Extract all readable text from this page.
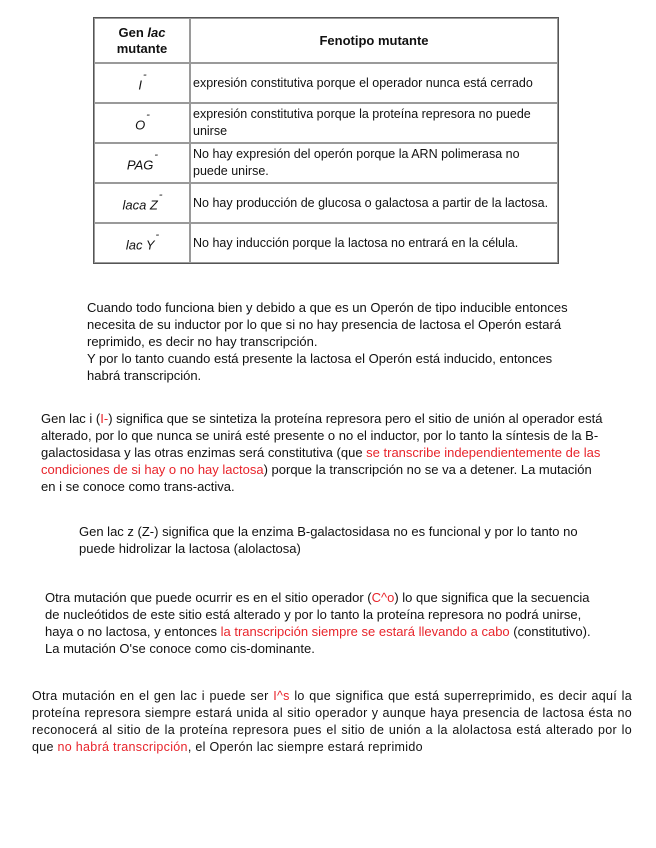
Gen lac
mutante	Fenotipo mutante
I-	expresión constitutiva porque el operador nunca está cerrado
O-	expresión constitutiva porque la proteína represora no puede unirse
PAG-	No hay expresión del operón porque la ARN polimerasa no puede unirse.
laca Z-	No hay producción de glucosa o galactosa a partir de la lactosa.
lac Y-	No hay inducción porque la lactosa no entrará en la célula.
Cuando todo funciona bien y debido a que es un Operón de tipo inducible entonces necesita de su inductor por lo que si no hay presencia de lactosa el Operón estará reprimido, es decir no hay transcripción.
Y por lo tanto cuando está presente la lactosa el Operón está inducido, entonces habrá transcripción.

Gen lac i (I-) significa que se sintetiza la proteína represora pero el sitio de unión al operador está alterado, por lo que nunca se unirá esté presente o no el inductor, por lo tanto la síntesis de la B-galactosidasa y las otras enzimas será constitutiva (que se transcribe independientemente de las condiciones de si hay o no hay lactosa) porque la transcripción no se va a detener. La mutación en i se conoce como trans-activa.

Gen lac z (Z-) significa que la enzima B-galactosidasa no es funcional y por lo tanto no puede hidrolizar la lactosa (alolactosa)

Otra mutación que puede ocurrir es en el sitio operador (C^o) lo que significa que la secuencia de nucleótidos de este sitio está alterado y por lo tanto la proteína represora no podrá unirse, haya o no lactosa, y entonces la transcripción siempre se estará llevando a cabo (constitutivo). La mutación O'se conoce como cis-dominante.

Otra mutación en el gen lac i puede ser I^s lo que significa que está superreprimido, es decir aquí la proteína represora siempre estará unida al sitio operador y aunque haya presencia de lactosa ésta no reconocerá al sitio de la proteína represora pues el sitio de unión a la alolactosa está alterado por lo que no habrá transcripción, el Operón lac siempre estará reprimido
